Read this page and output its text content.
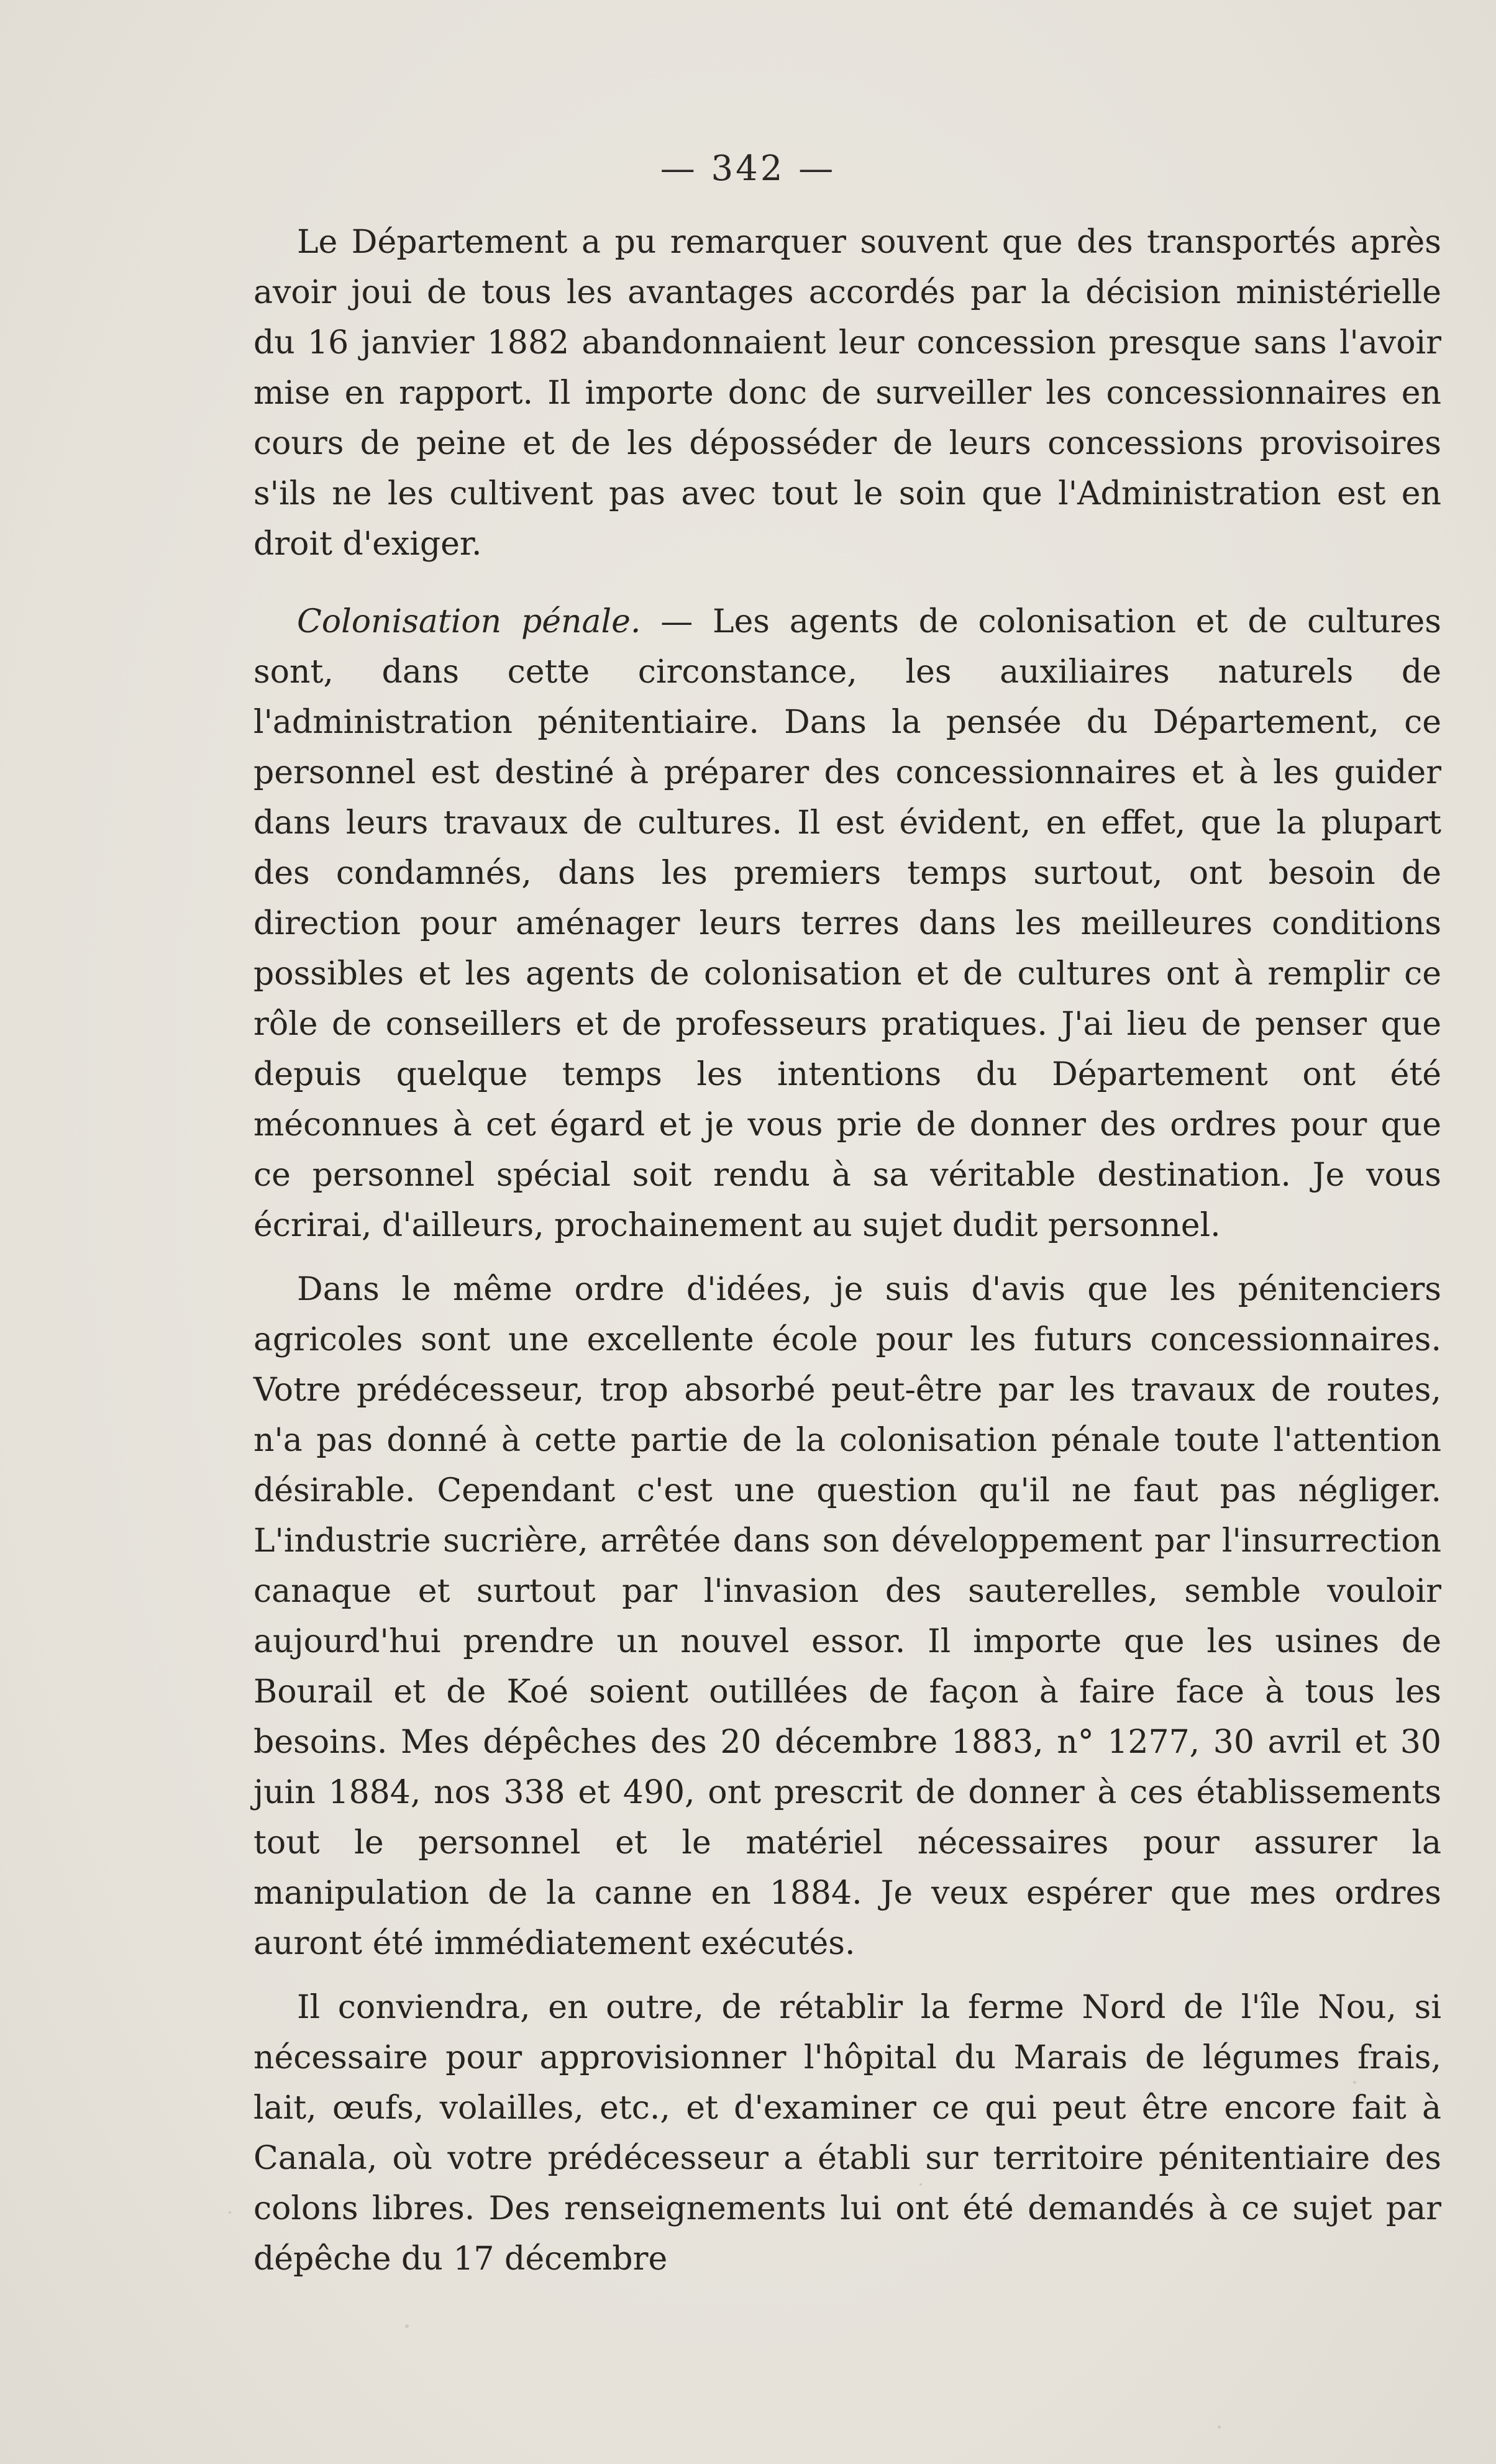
— 342 —

Le Département a pu remarquer souvent que des transportés après avoir joui de tous les avantages accordés par la décision ministérielle du 16 janvier 1882 abandonnaient leur concession presque sans l'avoir mise en rapport. Il importe donc de surveiller les concessionnaires en cours de peine et de les déposséder de leurs concessions provisoires s'ils ne les cultivent pas avec tout le soin que l'Administration est en droit d'exiger.

Colonisation pénale. — Les agents de colonisation et de cultures sont, dans cette circonstance, les auxiliaires naturels de l'administration pénitentiaire. Dans la pensée du Département, ce personnel est destiné à préparer des concessionnaires et à les guider dans leurs travaux de cultures. Il est évident, en effet, que la plupart des condamnés, dans les premiers temps surtout, ont besoin de direction pour aménager leurs terres dans les meilleures conditions possibles et les agents de colonisation et de cultures ont à remplir ce rôle de conseillers et de professeurs pratiques. J'ai lieu de penser que depuis quelque temps les intentions du Département ont été méconnues à cet égard et je vous prie de donner des ordres pour que ce personnel spécial soit rendu à sa véritable destination. Je vous écrirai, d'ailleurs, prochainement au sujet dudit personnel.

Dans le même ordre d'idées, je suis d'avis que les pénitenciers agricoles sont une excellente école pour les futurs concessionnaires. Votre prédécesseur, trop absorbé peut-être par les travaux de routes, n'a pas donné à cette partie de la colonisation pénale toute l'attention désirable. Cependant c'est une question qu'il ne faut pas négliger. L'industrie sucrière, arrêtée dans son développement par l'insurrection canaque et surtout par l'invasion des sauterelles, semble vouloir aujourd'hui prendre un nouvel essor. Il importe que les usines de Bourail et de Koé soient outillées de façon à faire face à tous les besoins. Mes dépêches des 20 décembre 1883, n° 1277, 30 avril et 30 juin 1884, nos 338 et 490, ont prescrit de donner à ces établissements tout le personnel et le matériel nécessaires pour assurer la manipulation de la canne en 1884. Je veux espérer que mes ordres auront été immédiatement exécutés.

Il conviendra, en outre, de rétablir la ferme Nord de l'île Nou, si nécessaire pour approvisionner l'hôpital du Marais de légumes frais, lait, œufs, volailles, etc., et d'examiner ce qui peut être encore fait à Canala, où votre prédécesseur a établi sur territoire pénitentiaire des colons libres. Des renseignements lui ont été demandés à ce sujet par dépêche du 17 décembre
